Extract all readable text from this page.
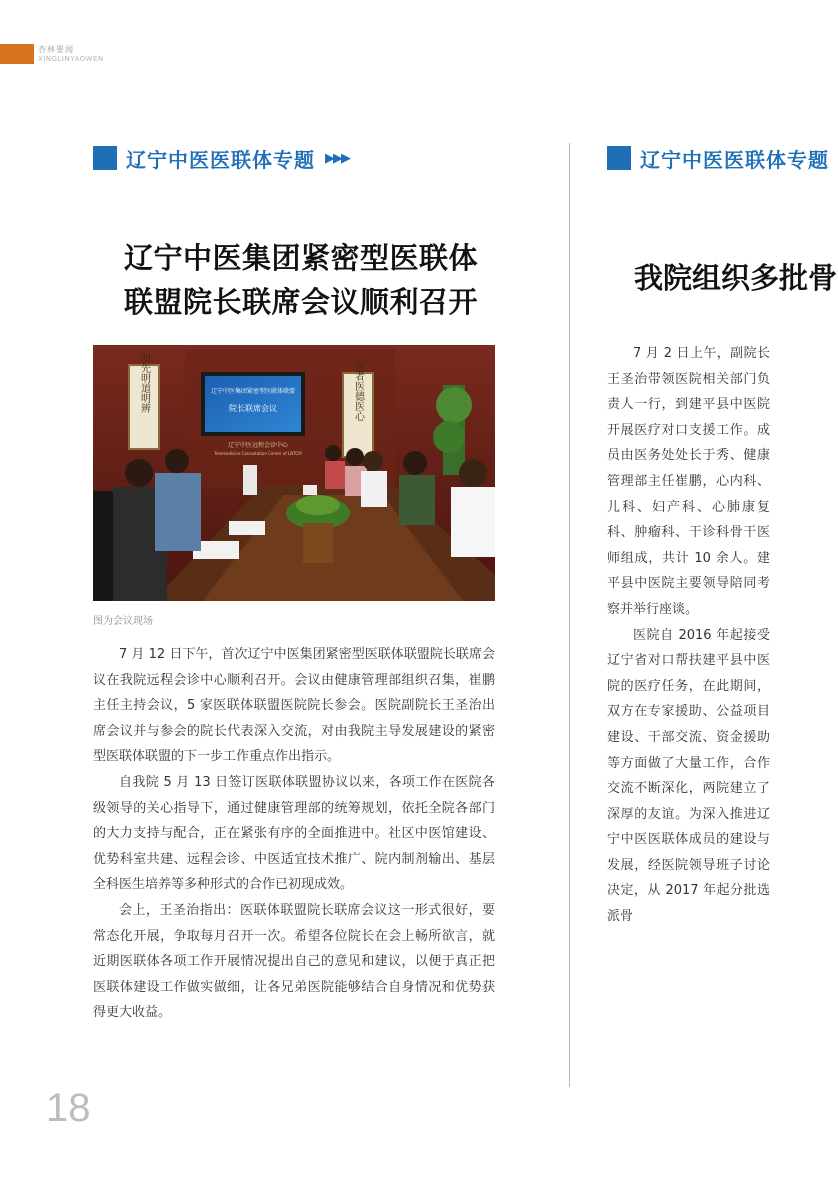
杏林要闻
XINGLINYAOWEN
辽宁中医医联体专题 ▶▶▶	辽宁中医医联体专题
辽宁中医集团紧密型医联体
联盟院长联席会议顺利召开
我院组织多批骨
辽宁中医集团紧密型医联体联盟
院长联席会议
辽宁中医远程会诊中心
Telemedicine Consultation Center of LNTCM
明先明道明辨	医者医德医心
图为会议现场

7 月 12 日下午，首次辽宁中医集团紧密型医联体联盟院长联席会议在我院远程会诊中心顺利召开。会议由健康管理部组织召集，崔鹏主任主持会议，5 家医联体联盟医院院长参会。医院副院长王圣治出席会议并与参会的院长代表深入交流，对由我院主导发展建设的紧密型医联体联盟的下一步工作重点作出指示。

自我院 5 月 13 日签订医联体联盟协议以来，各项工作在医院各级领导的关心指导下，通过健康管理部的统筹规划，依托全院各部门的大力支持与配合，正在紧张有序的全面推进中。社区中医馆建设、优势科室共建、远程会诊、中医适宜技术推广、院内制剂输出、基层全科医生培养等多种形式的合作已初现成效。

会上，王圣治指出：医联体联盟院长联席会议这一形式很好，要常态化开展，争取每月召开一次。希望各位院长在会上畅所欲言，就近期医联体各项工作开展情况提出自己的意见和建议，以便于真正把医联体建设工作做实做细，让各兄弟医院能够结合自身情况和优势获得更大收益。

7 月 2 日上午，副院长王圣治带领医院相关部门负责人一行，到建平县中医院开展医疗对口支援工作。成员由医务处处长于秀、健康管理部主任崔鹏，心内科、儿科、妇产科、心肺康复科、肿瘤科、干诊科骨干医师组成，共计 10 余人。建平县中医院主要领导陪同考察并举行座谈。

医院自 2016 年起接受辽宁省对口帮扶建平县中医院的医疗任务，在此期间，双方在专家援助、公益项目建设、干部交流、资金援助等方面做了大量工作，合作交流不断深化，两院建立了深厚的友谊。为深入推进辽宁中医医联体成员的建设与发展，经医院领导班子讨论决定，从 2017 年起分批选派骨

18
